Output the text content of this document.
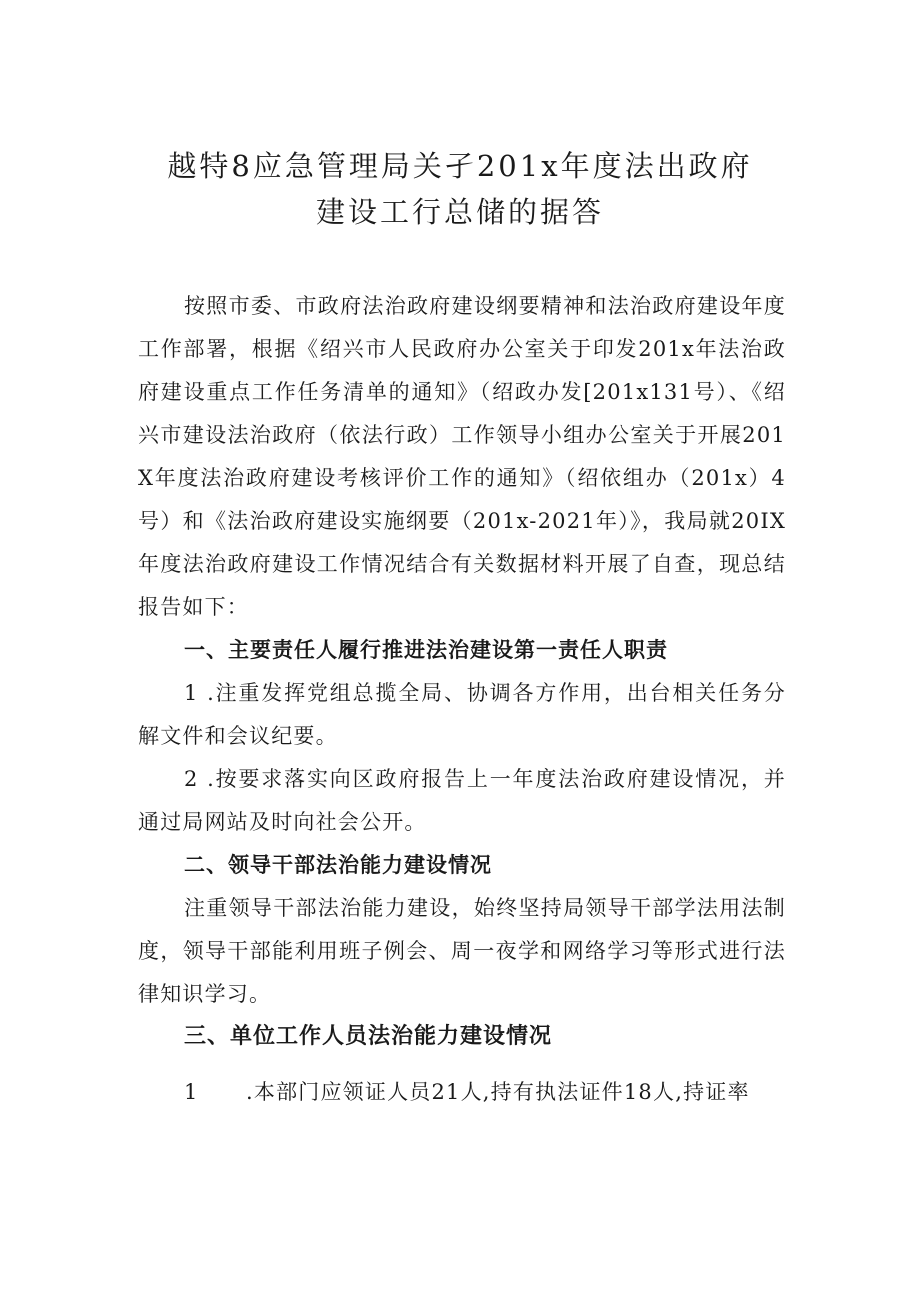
越特8应急管理局关孑201x年度法出政府
建设工行总储的据答
按照市委、市政府法治政府建设纲要精神和法治政府建设年度工作部署，根据《绍兴市人民政府办公室关于印发201x年法治政府建设重点工作任务清单的通知》（绍政办发[201x131号）、《绍兴市建设法治政府（依法行政）工作领导小组办公室关于开展201X年度法治政府建设考核评价工作的通知》（绍依组办（201x）4号）和《法治政府建设实施纲要（201x-2021年）》，我局就20IX年度法治政府建设工作情况结合有关数据材料开展了自查，现总结报告如下：
一、主要责任人履行推进法治建设第一责任人职责
1 .注重发挥党组总揽全局、协调各方作用，出台相关任务分解文件和会议纪要。
2 .按要求落实向区政府报告上一年度法治政府建设情况，并通过局网站及时向社会公开。
二、领导干部法治能力建设情况
注重领导干部法治能力建设，始终坚持局领导干部学法用法制度，领导干部能利用班子例会、周一夜学和网络学习等形式进行法律知识学习。
三、单位工作人员法治能力建设情况
1 .本部门应领证人员21人,持有执法证件18人,持证率
